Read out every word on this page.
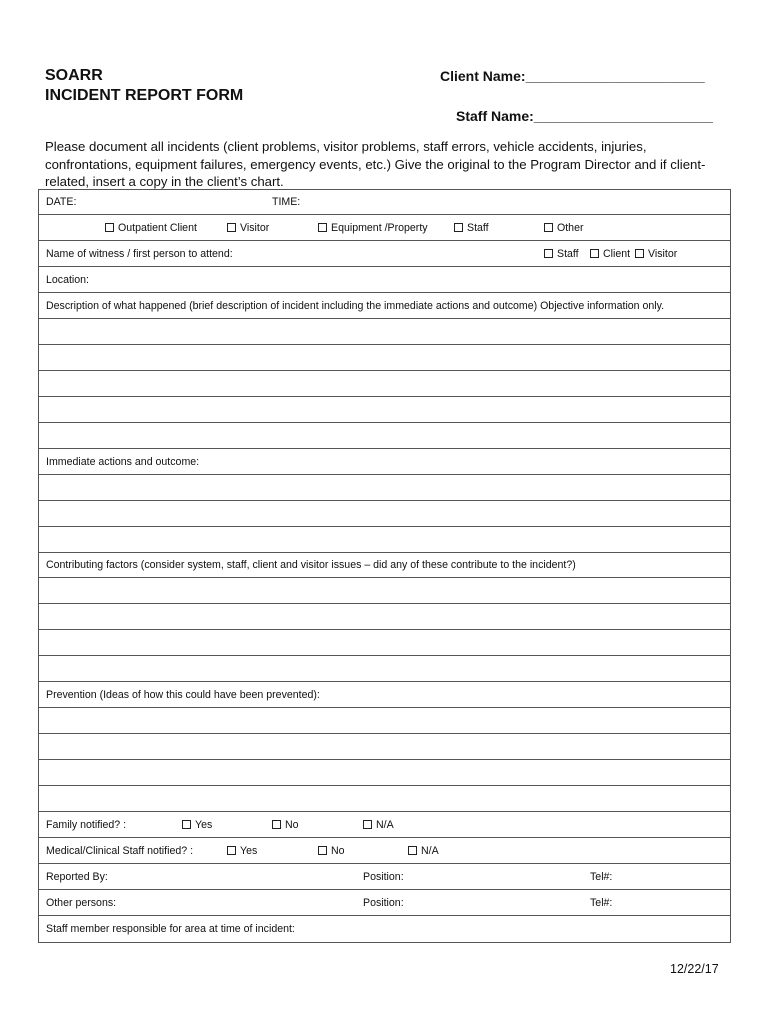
SOARR
INCIDENT REPORT FORM
Client Name:_______________________
Staff Name:_______________________
Please document all incidents (client problems, visitor problems, staff errors, vehicle accidents, injuries, confrontations, equipment failures, emergency events, etc.) Give the original to the Program Director and if client-related, insert a copy in the client’s chart.
DATE:	TIME:
Outpatient Client	Visitor	Equipment /Property	Staff	Other
Name of witness / first person to attend:	Staff	Client	Visitor
Location:
Description of what happened (brief description of incident including the immediate actions and outcome) Objective information only.
Immediate actions and outcome:
Contributing factors (consider system, staff, client and visitor issues – did any of these contribute to the incident?)
Prevention (Ideas of how this could have been prevented):
Family notified? :	Yes	No	N/A
Medical/Clinical Staff notified? :	Yes	No	N/A
Reported By:	Position:	Tel#:
Other persons:	Position:	Tel#:
Staff member responsible for area at time of incident:
12/22/17
